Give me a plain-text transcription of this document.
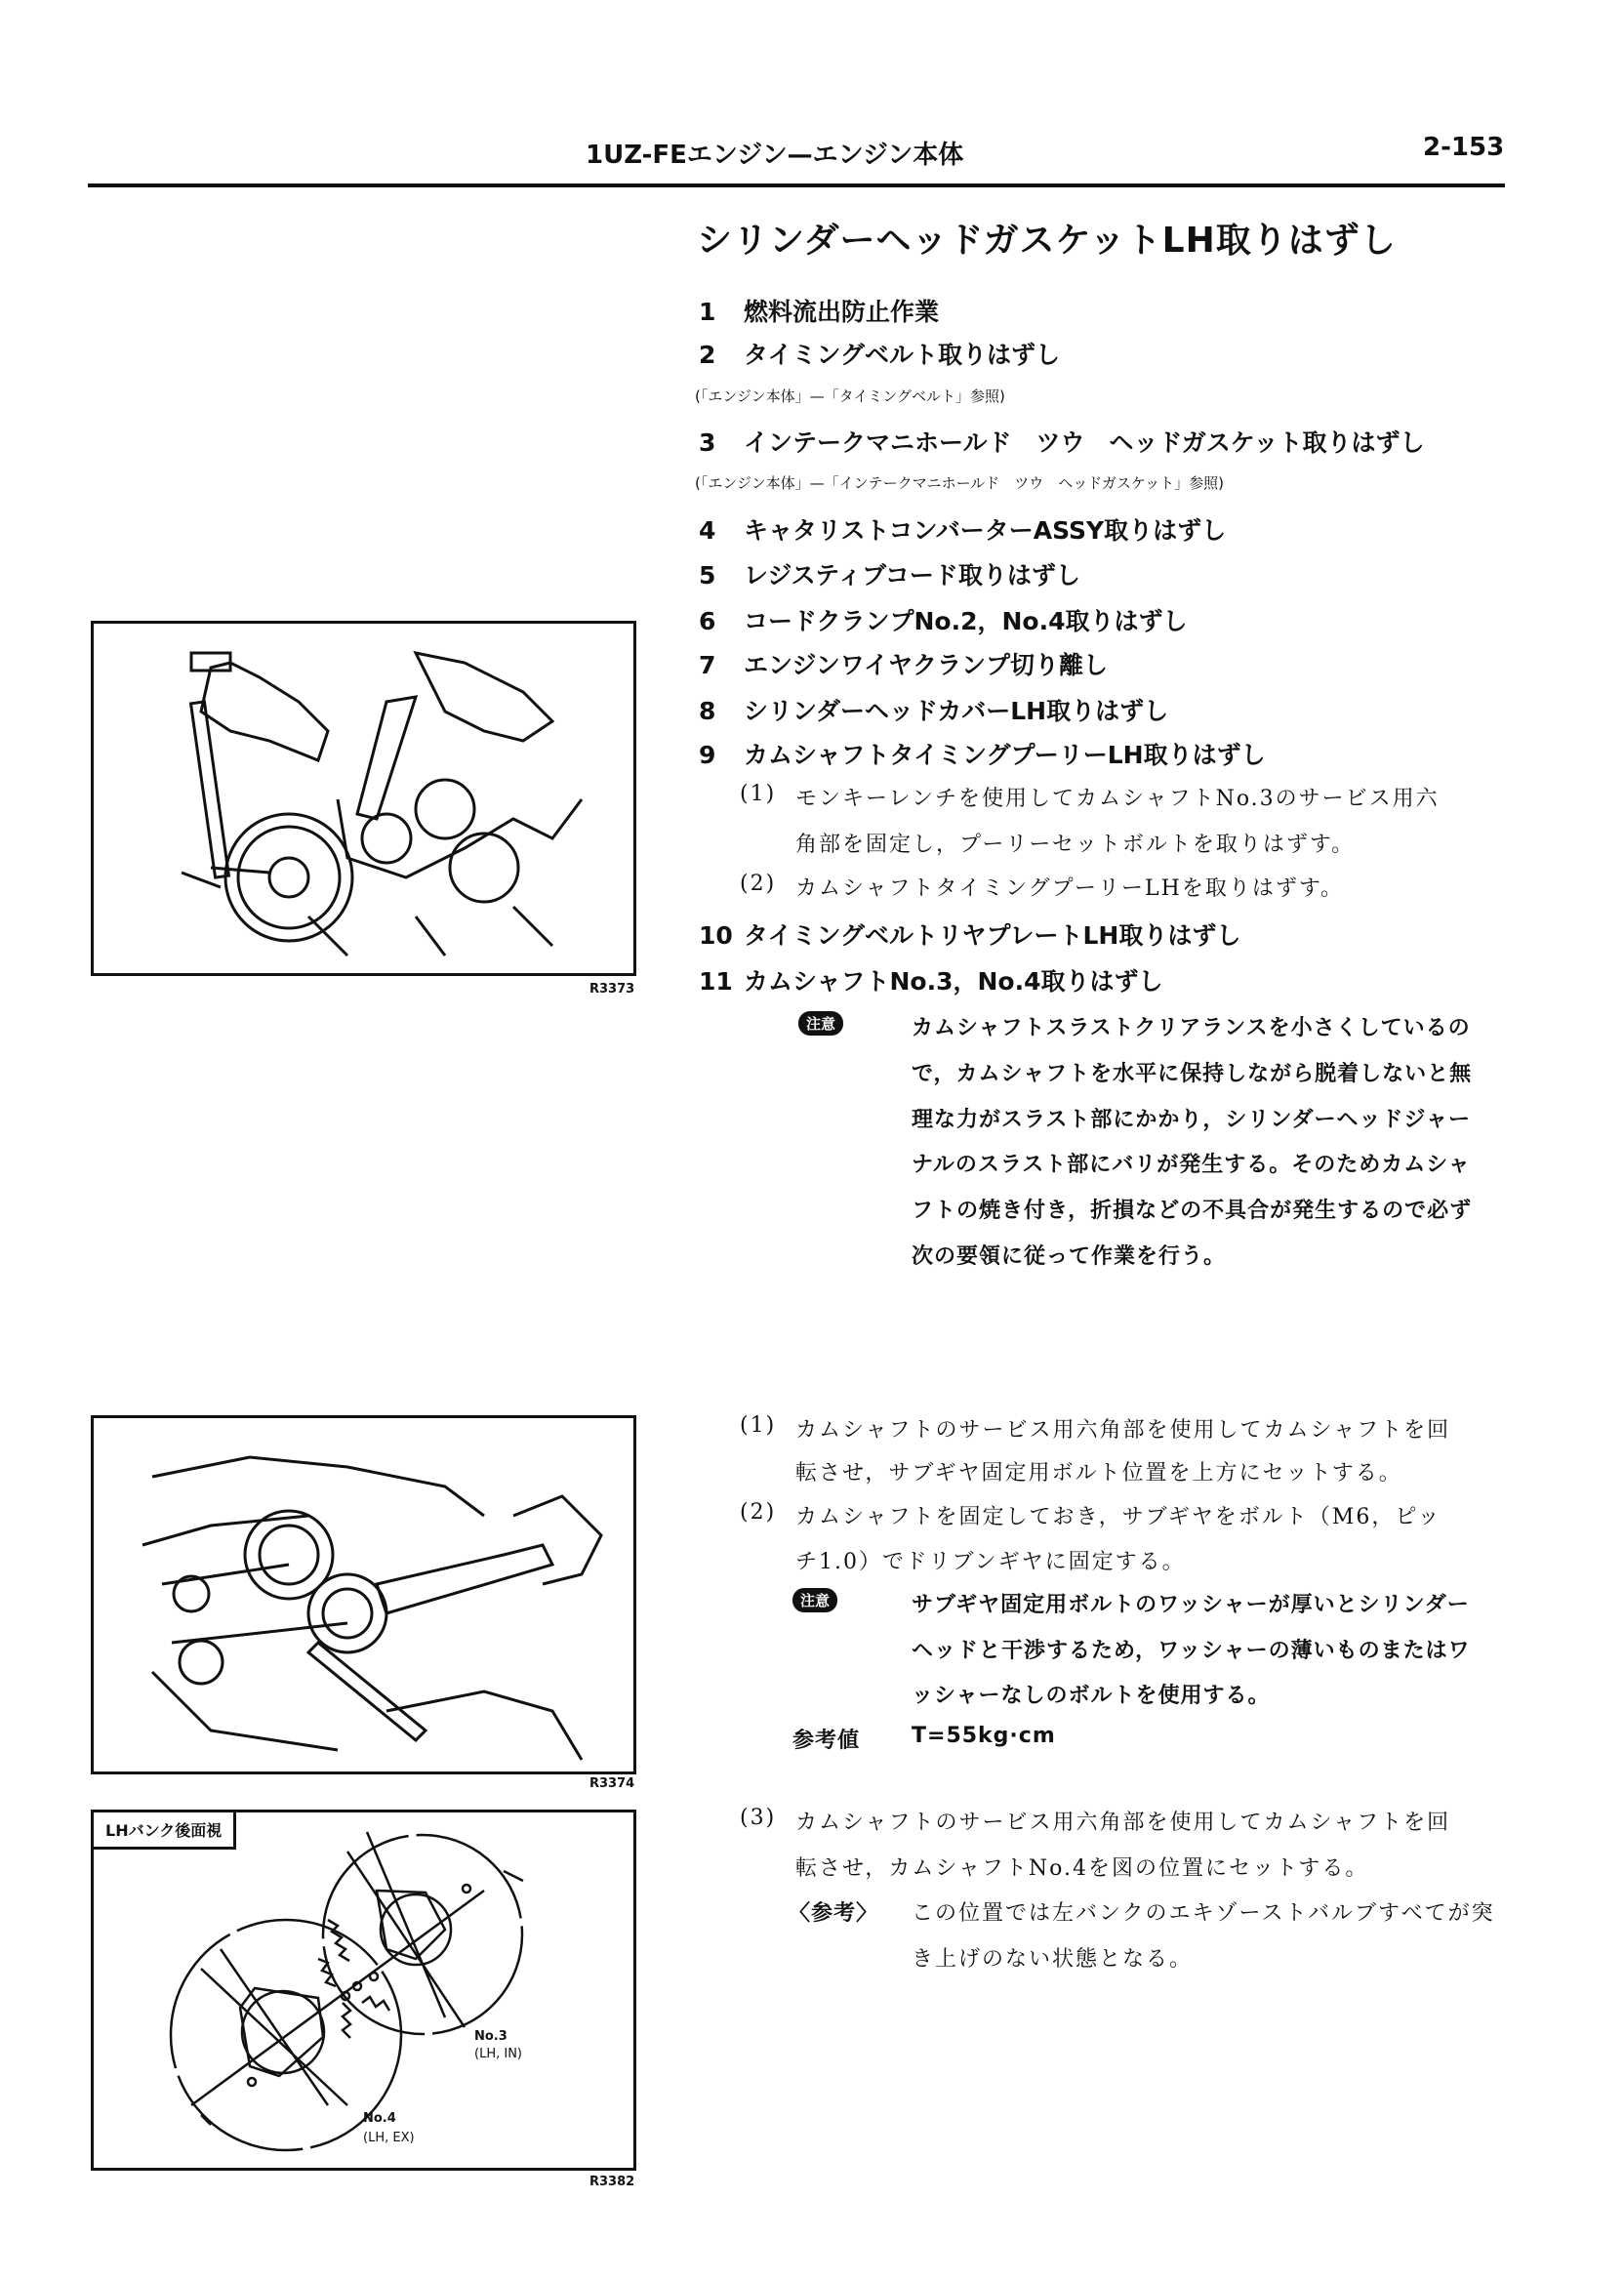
1UZ-FEエンジン—エンジン本体	2-153
シリンダーヘッドガスケットLH取りはずし
1 燃料流出防止作業
2 タイミングベルト取りはずし
(「エンジン本体」—「タイミングベルト」参照)
3 インテークマニホールド　ツウ　ヘッドガスケット取りはずし
(「エンジン本体」—「インテークマニホールド　ツウ　ヘッドガスケット」参照)
4 キャタリストコンバーターASSY取りはずし
5 レジスティブコード取りはずし
6 コードクランプNo.2，No.4取りはずし
7 エンジンワイヤクランプ切り離し
8 シリンダーヘッドカバーLH取りはずし
9 カムシャフトタイミングプーリーLH取りはずし
(1) モンキーレンチを使用してカムシャフトNo.3のサービス用六
角部を固定し，プーリーセットボルトを取りはずす。
(2) カムシャフトタイミングプーリーLHを取りはずす。
10 タイミングベルトリヤプレートLH取りはずし
11 カムシャフトNo.3，No.4取りはずし
注意	カムシャフトスラストクリアランスを小さくしているの
で，カムシャフトを水平に保持しながら脱着しないと無
理な力がスラスト部にかかり，シリンダーヘッドジャー
ナルのスラスト部にバリが発生する。そのためカムシャ
フトの焼き付き，折損などの不具合が発生するので必ず
次の要領に従って作業を行う。
(1) カムシャフトのサービス用六角部を使用してカムシャフトを回
転させ，サブギヤ固定用ボルト位置を上方にセットする。
(2) カムシャフトを固定しておき，サブギヤをボルト（M6，ピッ
チ1.0）でドリブンギヤに固定する。
注意	サブギヤ固定用ボルトのワッシャーが厚いとシリンダー
ヘッドと干渉するため，ワッシャーの薄いものまたはワ
ッシャーなしのボルトを使用する。
参考値 T=55kg·cm
(3) カムシャフトのサービス用六角部を使用してカムシャフトを回
転させ，カムシャフトNo.4を図の位置にセットする。
〈参考〉 この位置では左バンクのエキゾーストバルブすべてが突
き上げのない状態となる。
R3373
R3374
LHバンク後面視
No.3
(LH, IN)
No.4
(LH, EX)
R3382
